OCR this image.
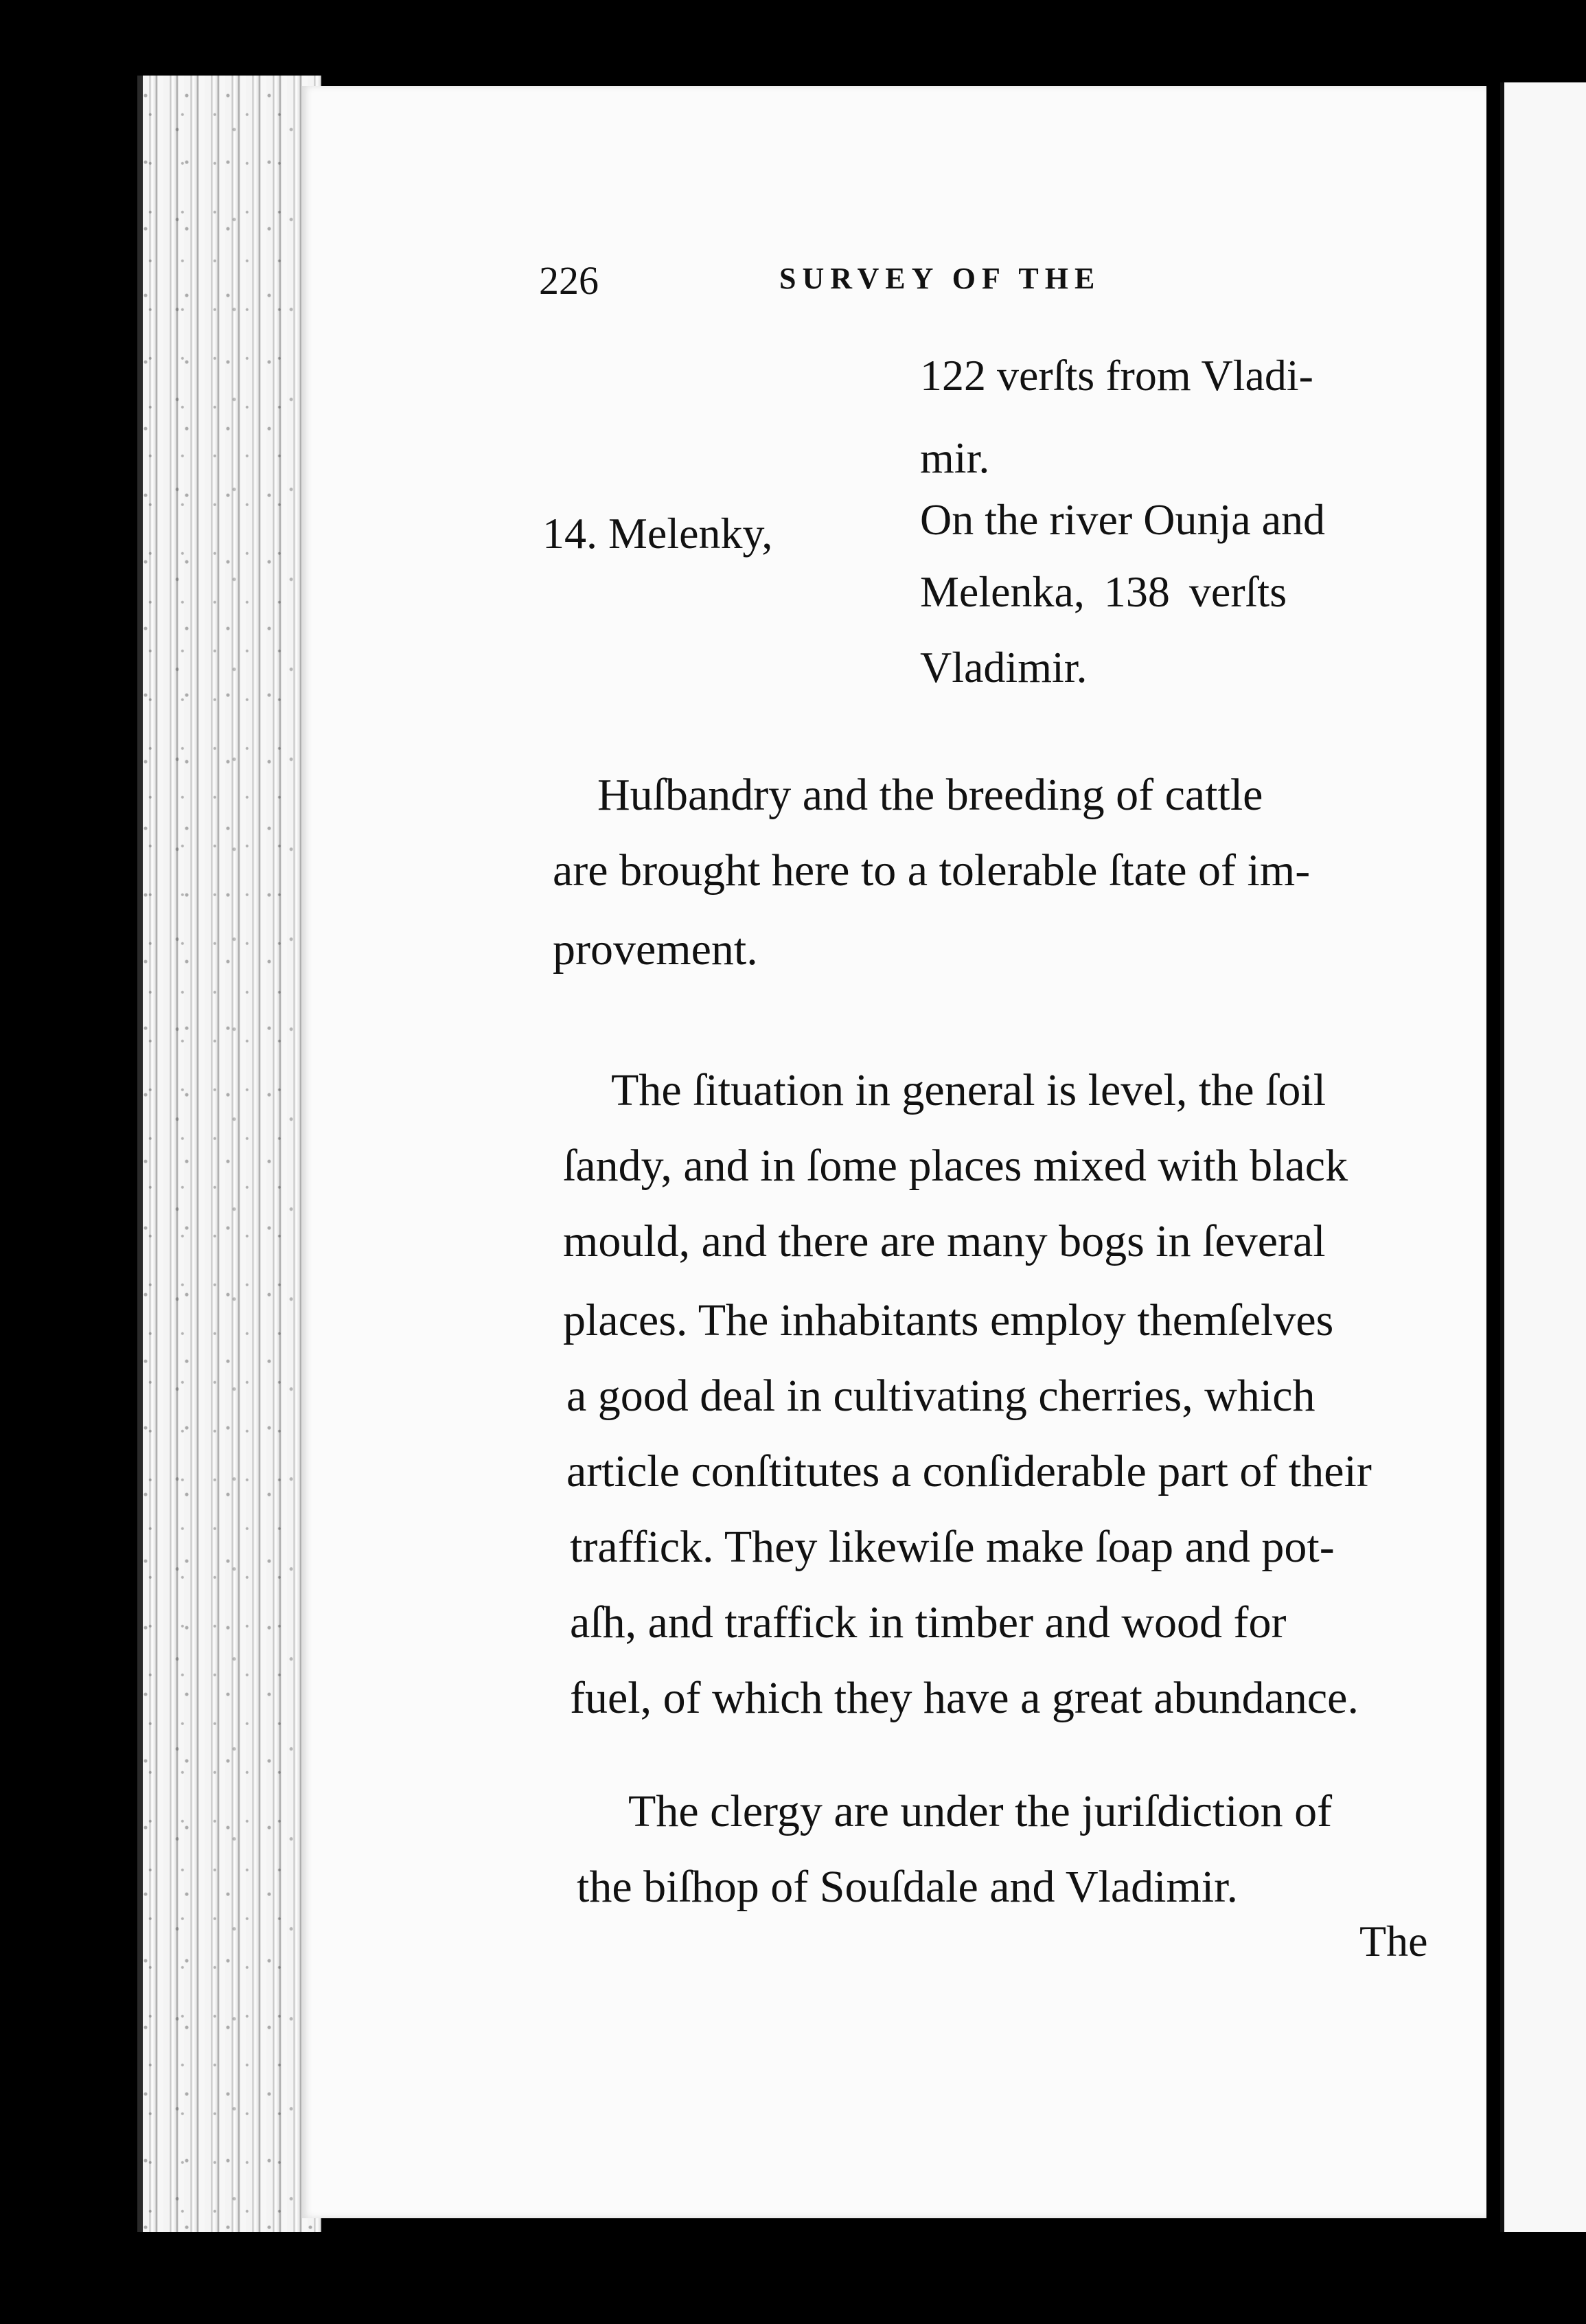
226	SURVEY OF THE
122 verſts from Vladi-
mir.
14. Melenky,	On the river Ounja and
Melenka, 138 verſts
Vladimir.
Huſbandry and the breeding of cattle
are brought here to a tolerable ſtate of im-
provement.
The ſituation in general is level, the ſoil
ſandy, and in ſome places mixed with black
mould, and there are many bogs in ſeveral
places. The inhabitants employ themſelves
a good deal in cultivating cherries, which
article conſtitutes a conſiderable part of their
traffick. They likewiſe make ſoap and pot-
aſh, and traffick in timber and wood for
fuel, of which they have a great abundance.
The clergy are under the juriſdiction of
the biſhop of Souſdale and Vladimir.
The
